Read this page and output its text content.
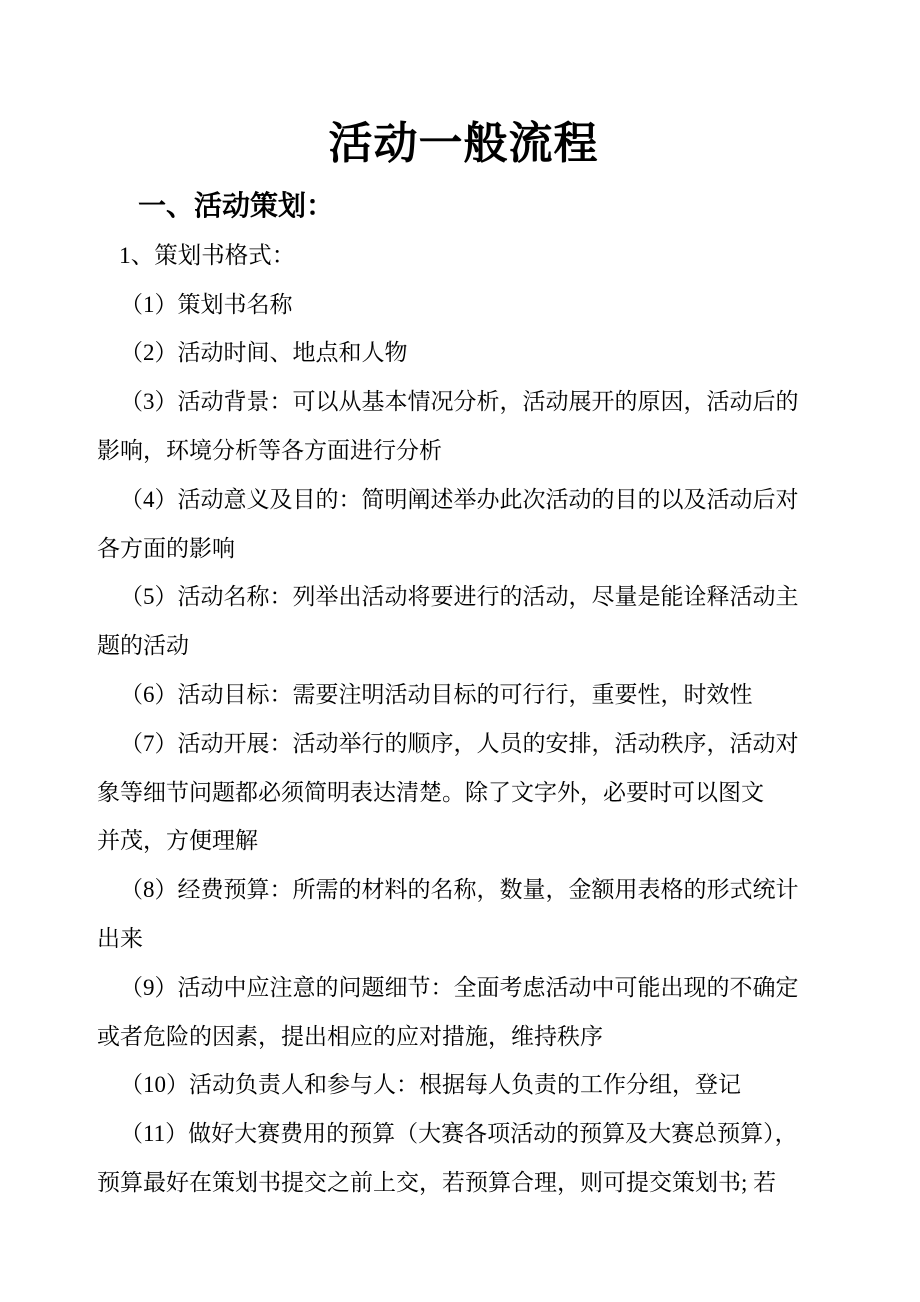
活动一般流程
一、活动策划：
1、策划书格式：
（1）策划书名称
（2）活动时间、地点和人物
（3）活动背景：可以从基本情况分析，活动展开的原因，活动后的
影响，环境分析等各方面进行分析
（4）活动意义及目的：简明阐述举办此次活动的目的以及活动后对
各方面的影响
（5）活动名称：列举出活动将要进行的活动，尽量是能诠释活动主
题的活动
（6）活动目标：需要注明活动目标的可行行，重要性，时效性
（7）活动开展：活动举行的顺序，人员的安排，活动秩序，活动对
象等细节问题都必须简明表达清楚。除了文字外，必要时可以图文
并茂，方便理解
（8）经费预算：所需的材料的名称，数量，金额用表格的形式统计
出来
（9）活动中应注意的问题细节：全面考虑活动中可能出现的不确定
或者危险的因素，提出相应的应对措施，维持秩序
（10）活动负责人和参与人：根据每人负责的工作分组，登记
（11）做好大赛费用的预算（大赛各项活动的预算及大赛总预算），
预算最好在策划书提交之前上交，若预算合理，则可提交策划书; 若
